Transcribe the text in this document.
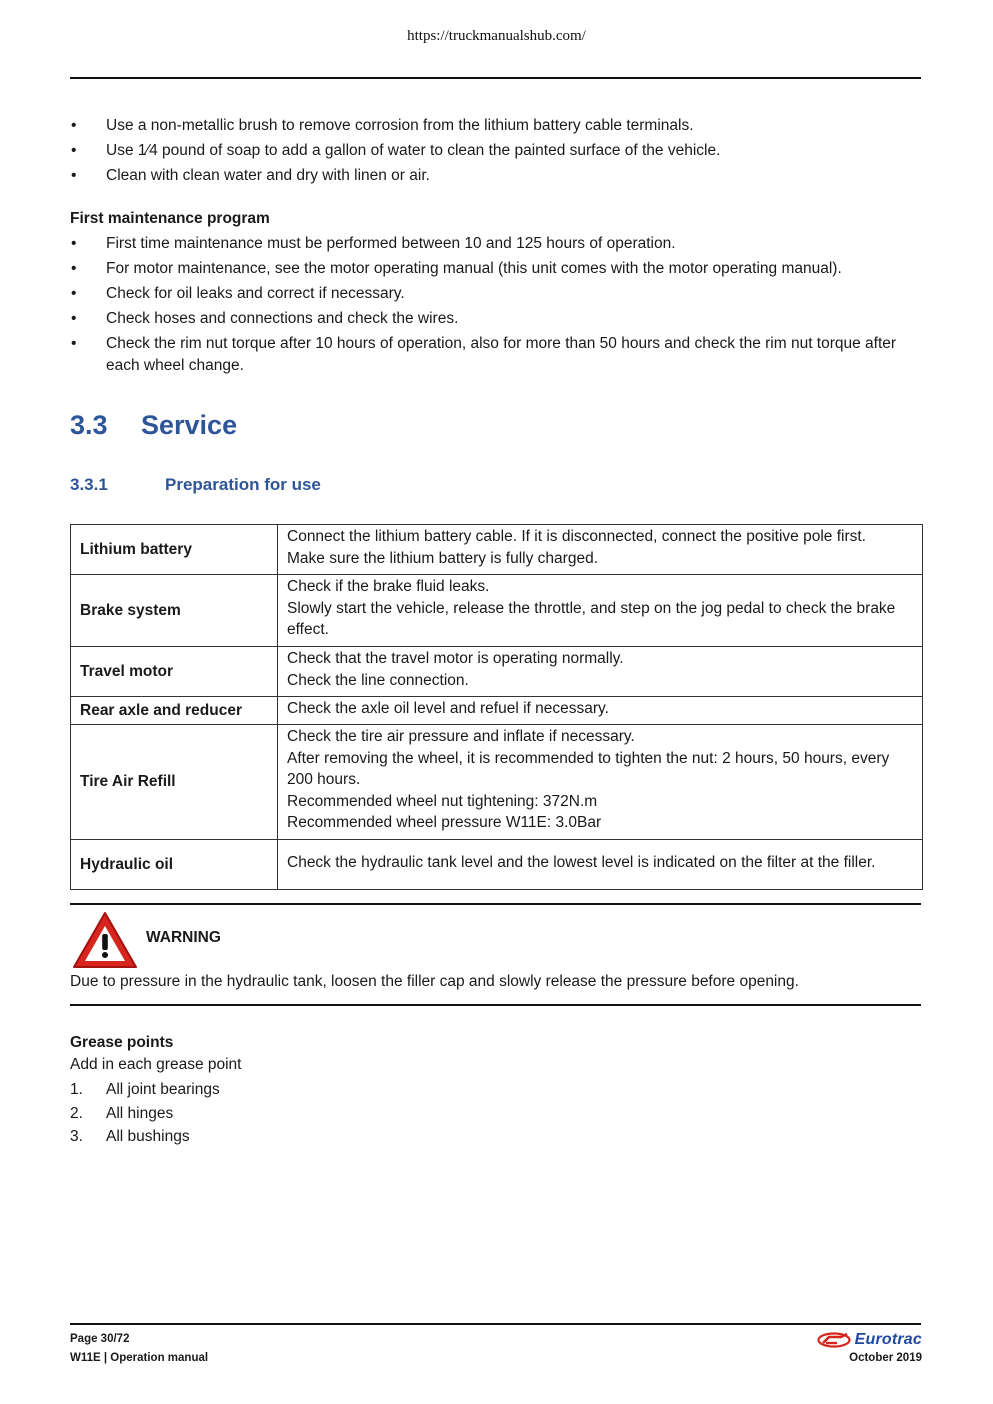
https://truckmanualshub.com/
• Use a non-metallic brush to remove corrosion from the lithium battery cable terminals.
• Use 1⁄4 pound of soap to add a gallon of water to clean the painted surface of the vehicle.
• Clean with clean water and dry with linen or air.
First maintenance program
• First time maintenance must be performed between 10 and 125 hours of operation.
• For motor maintenance, see the motor operating manual (this unit comes with the motor operating manual).
• Check for oil leaks and correct if necessary.
• Check hoses and connections and check the wires.
• Check the rim nut torque after 10 hours of operation, also for more than 50 hours and check the rim nut torque after each wheel change.
3.3 Service
3.3.1	Preparation for use
Lithium battery	Connect the lithium battery cable. If it is disconnected, connect the positive pole first.
Make sure the lithium battery is fully charged.

Brake system	Check if the brake fluid leaks.
Slowly start the vehicle, release the throttle, and step on the jog pedal to check the brake effect.

Travel motor	Check that the travel motor is operating normally.
Check the line connection.

Rear axle and reducer	Check the axle oil level and refuel if necessary.

Tire Air Refill	Check the tire air pressure and inflate if necessary.
After removing the wheel, it is recommended to tighten the nut: 2 hours, 50 hours, every 200 hours.
Recommended wheel nut tightening: 372N.m
Recommended wheel pressure W11E: 3.0Bar

Hydraulic oil	Check the hydraulic tank level and the lowest level is indicated on the filter at the filler.
WARNING
Due to pressure in the hydraulic tank, loosen the filler cap and slowly release the pressure before opening.
Grease points
Add in each grease point
1. All joint bearings
2. All hinges
3. All bushings
Page 30/72
W11E | Operation manual
Eurotrac
October 2019
